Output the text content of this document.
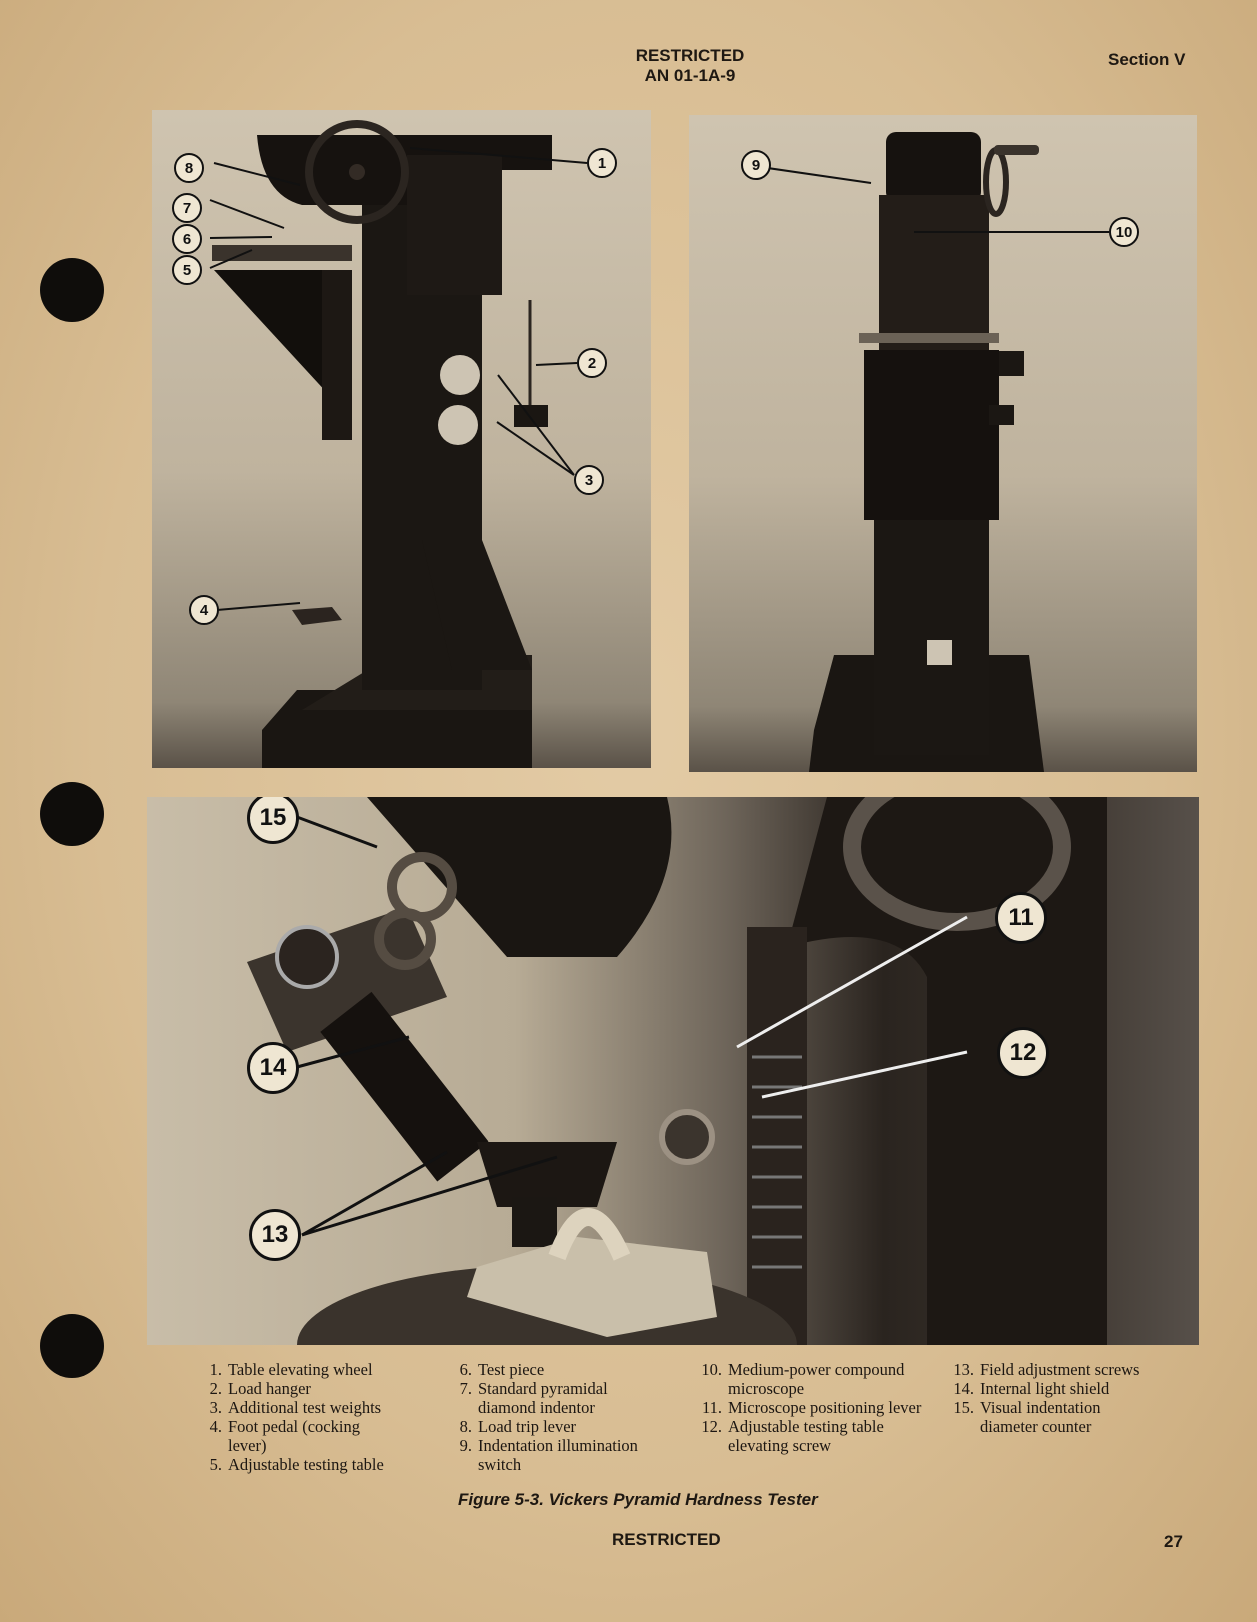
RESTRICTED
AN 01-1A-9
Section V
1
2
3
4
5
6
7
8	9
10
15
14
13
11
12
1. Table elevating wheel
2. Load hanger
3. Additional test weights
4. Foot pedal (cocking lever)
5. Adjustable testing table
6. Test piece
7. Standard pyramidal diamond indentor
8. Load trip lever
9. Indentation illumination switch
10. Medium-power compound microscope
11. Microscope positioning lever
12. Adjustable testing table elevating screw
13. Field adjustment screws
14. Internal light shield
15. Visual indentation diameter counter
Figure 5-3. Vickers Pyramid Hardness Tester
RESTRICTED	27
